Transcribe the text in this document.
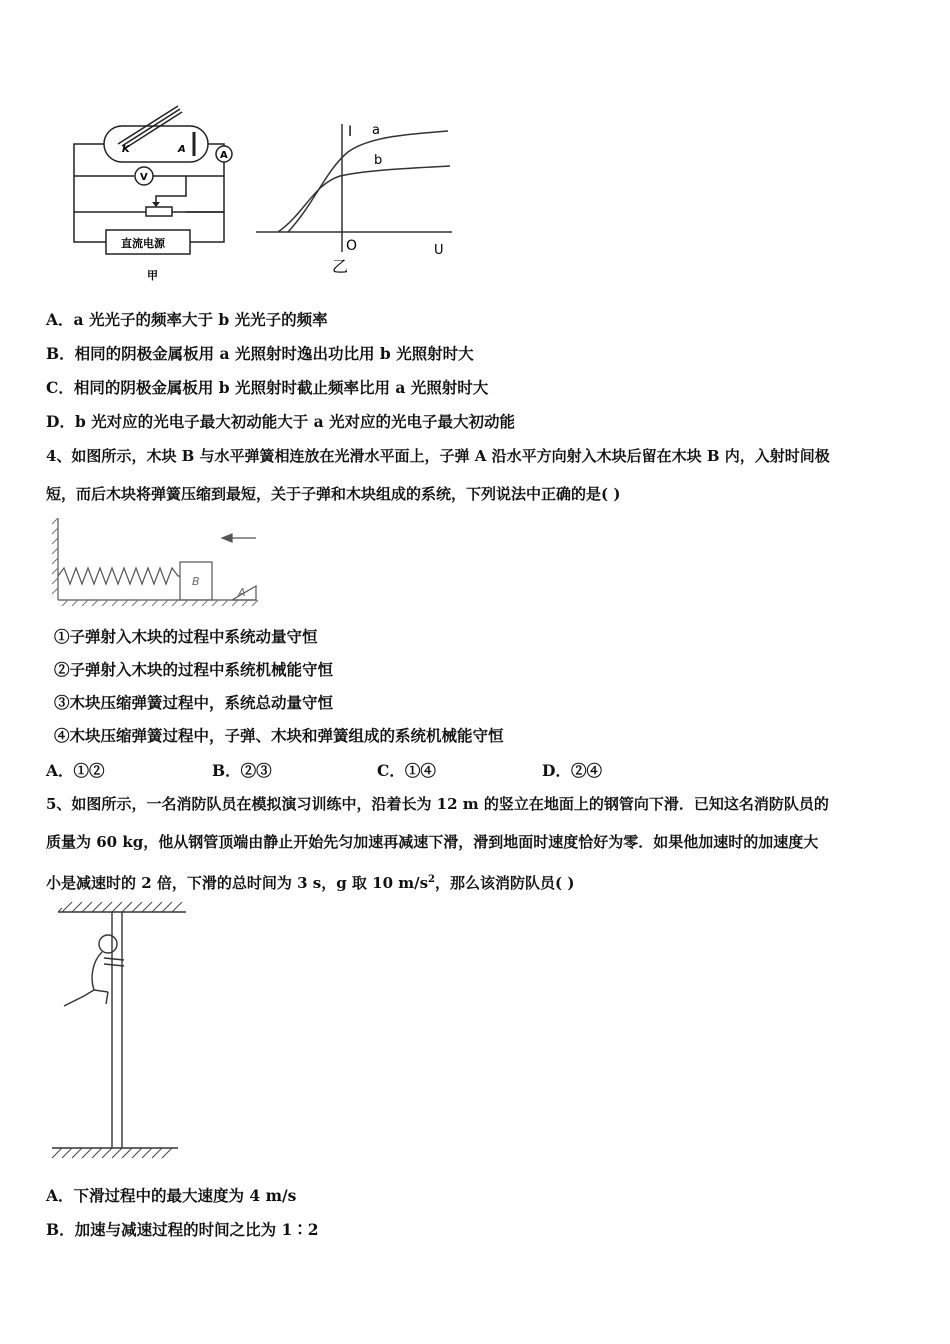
K	A
A
V
直流电源
甲
I a
b
O	U
乙
A．a 光光子的频率大于 b 光光子的频率
B．相同的阴极金属板用 a 光照射时逸出功比用 b 光照射时大
C．相同的阴极金属板用 b 光照射时截止频率比用 a 光照射时大
D．b 光对应的光电子最大初动能大于 a 光对应的光电子最大初动能
4、如图所示，木块 B 与水平弹簧相连放在光滑水平面上，子弹 A 沿水平方向射入木块后留在木块 B 内，入射时间极
短，而后木块将弹簧压缩到最短，关于子弹和木块组成的系统，下列说法中正确的是( )
B
A
①子弹射入木块的过程中系统动量守恒
②子弹射入木块的过程中系统机械能守恒
③木块压缩弹簧过程中，系统总动量守恒
④木块压缩弹簧过程中，子弹、木块和弹簧组成的系统机械能守恒
A．①②	B．②③	C．①④	D．②④
5、如图所示，一名消防队员在模拟演习训练中，沿着长为 12 m 的竖立在地面上的钢管向下滑．已知这名消防队员的
质量为 60 kg，他从钢管顶端由静止开始先匀加速再减速下滑，滑到地面时速度恰好为零．如果他加速时的加速度大
小是减速时的 2 倍，下滑的总时间为 3 s，g 取 10 $m/s^2$，那么该消防队员( )
A．下滑过程中的最大速度为 4 m/s
B．加速与减速过程的时间之比为 1∶2
